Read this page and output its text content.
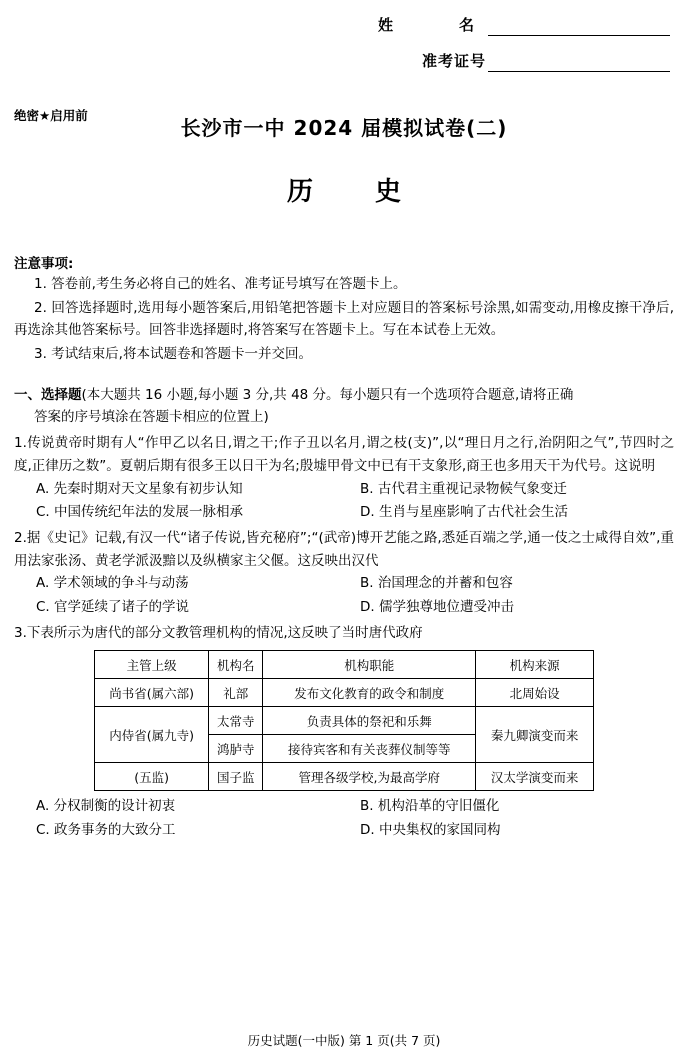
姓　　名
准考证号
绝密★启用前
长沙市一中 2024 届模拟试卷(二)
历　史
注意事项:
1. 答卷前,考生务必将自己的姓名、准考证号填写在答题卡上。
2. 回答选择题时,选用每小题答案后,用铅笔把答题卡上对应题目的答案标号涂黑,如需变动,用橡皮擦干净后,再选涂其他答案标号。回答非选择题时,将答案写在答题卡上。写在本试卷上无效。
3. 考试结束后,将本试题卷和答题卡一并交回。
一、选择题(本大题共 16 小题,每小题 3 分,共 48 分。每小题只有一个选项符合题意,请将正确
答案的序号填涂在答题卡相应的位置上)
1.传说黄帝时期有人“作甲乙以名日,谓之干;作子丑以名月,谓之枝(支)”,以“理日月之行,治阴阳之气”,节四时之度,正律历之数”。夏朝后期有很多王以日干为名;殷墟甲骨文中已有干支象形,商王也多用天干为代号。这说明
A. 先秦时期对天文星象有初步认知	B. 古代君主重视记录物候气象变迁
C. 中国传统纪年法的发展一脉相承	D. 生肖与星座影响了古代社会生活
2.据《史记》记载,有汉一代“诸子传说,皆充秘府”;“(武帝)博开艺能之路,悉延百端之学,通一伎之士咸得自效”,重用法家张汤、黄老学派汲黯以及纵横家主父偃。这反映出汉代
A. 学术领域的争斗与动荡	B. 治国理念的并蓄和包容
C. 官学延续了诸子的学说	D. 儒学独尊地位遭受冲击
3.下表所示为唐代的部分文教管理机构的情况,这反映了当时唐代政府
主管上级	机构名	机构职能	机构来源
尚书省(属六部)	礼部	发布文化教育的政令和制度	北周始设
内侍省(属九寺)	太常寺	负责具体的祭祀和乐舞	秦九卿演变而来
	鸿胪寺	接待宾客和有关丧葬仪制等等	
(五监)	国子监	管理各级学校,为最高学府	汉太学演变而来
A. 分权制衡的设计初衷	B. 机构沿革的守旧僵化
C. 政务事务的大致分工	D. 中央集权的家国同构
历史试题(一中版) 第 1 页(共 7 页)
